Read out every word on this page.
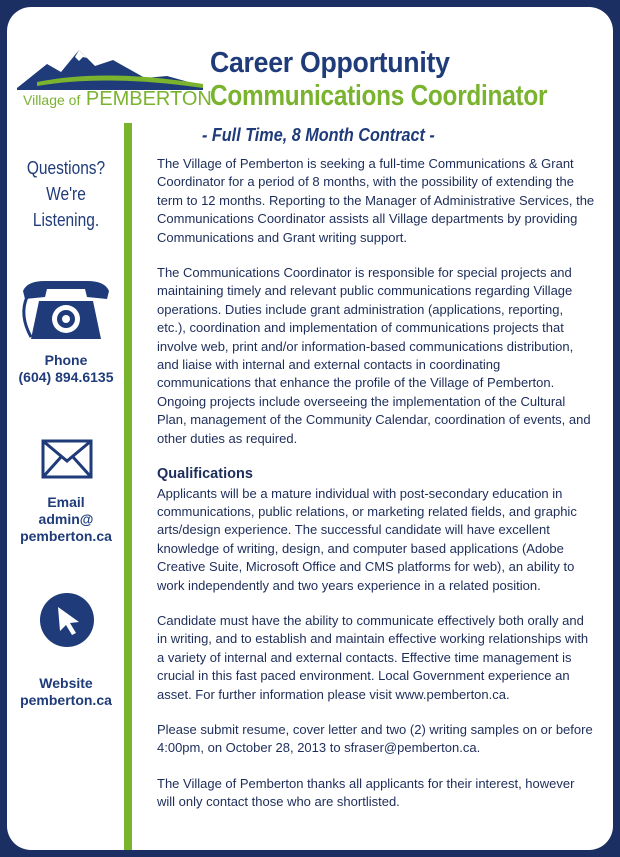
Village of PEMBERTON
Career Opportunity
Communications Coordinator
- Full Time, 8 Month Contract -
Questions?
We're
Listening.
Phone
(604) 894.6135
Email
admin@
pemberton.ca
Website
pemberton.ca

The Village of Pemberton is seeking a full-time Communications & Grant Coordinator for a period of 8 months, with the possibility of extending the term to 12 months. Reporting to the Manager of Administrative Services, the Communications Coordinator assists all Village departments by providing Communications and Grant writing support.

The Communications Coordinator is responsible for special projects and maintaining timely and relevant public communications regarding Village operations. Duties include grant administration (applications, reporting, etc.), coordination and implementation of communications projects that involve web, print and/or information-based communications distribution, and liaise with internal and external contacts in coordinating communications that enhance the profile of the Village of Pemberton. Ongoing projects include overseeing the implementation of the Cultural Plan, management of the Community Calendar, coordination of events, and other duties as required.

Qualifications

Applicants will be a mature individual with post-secondary education in communications, public relations, or marketing related fields, and graphic arts/design experience. The successful candidate will have excellent knowledge of writing, design, and computer based applications (Adobe Creative Suite, Microsoft Office and CMS platforms for web), an ability to work independently and two years experience in a related position.

Candidate must have the ability to communicate effectively both orally and in writing, and to establish and maintain effective working relationships with a variety of internal and external contacts. Effective time management is crucial in this fast paced environment. Local Government experience an asset. For further information please visit www.pemberton.ca.

Please submit resume, cover letter and two (2) writing samples on or before 4:00pm, on October 28, 2013 to sfraser@pemberton.ca.

The Village of Pemberton thanks all applicants for their interest, however will only contact those who are shortlisted.
